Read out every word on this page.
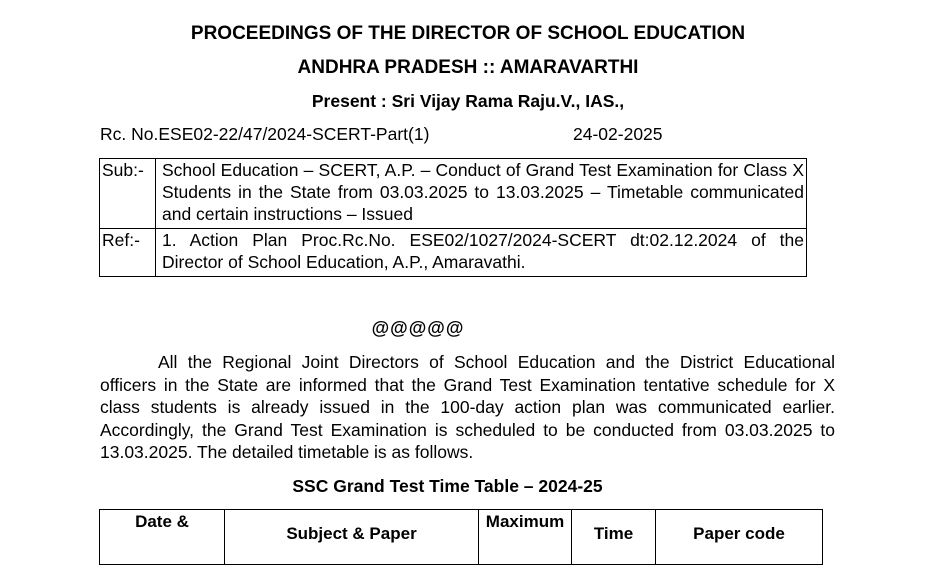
PROCEEDINGS OF THE DIRECTOR OF SCHOOL EDUCATION
ANDHRA PRADESH :: AMARAVARTHI
Present : Sri Vijay Rama Raju.V., IAS.,
Rc. No.ESE02-22/47/2024-SCERT-Part(1)	24-02-2025
Sub:-	School Education – SCERT, A.P. – Conduct of Grand Test Examination for Class X Students in the State from 03.03.2025 to 13.03.2025 – Timetable communicated and certain instructions – Issued
Ref:-	1. Action Plan Proc.Rc.No. ESE02/1027/2024-SCERT dt:02.12.2024 of the Director of School Education, A.P., Amaravathi.
@@@@@

All the Regional Joint Directors of School Education and the District Educational officers in the State are informed that the Grand Test Examination tentative schedule for X class students is already issued in the 100-day action plan was communicated earlier. Accordingly, the Grand Test Examination is scheduled to be conducted from 03.03.2025 to 13.03.2025. The detailed timetable is as follows.

SSC Grand Test Time Table – 2024-25
Date &	Subject & Paper	Maximum	Time	Paper code
